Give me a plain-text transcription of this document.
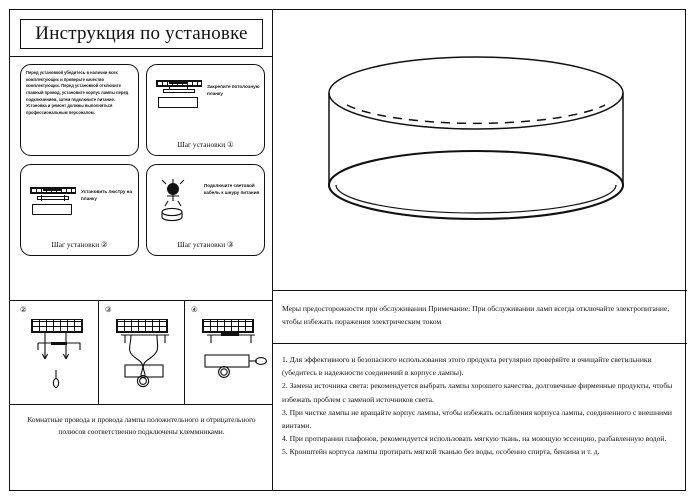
Инструкция по установке
Перед установкой убедитесь в наличии всех комплектующих и проверьте качество комплектующих. Перед установкой отключите главный провод, установите корпус лампы перед подключением, затем подключите питание. Установка и ремонт должны выполняться профессиональным персоналом.
Закрепите потолочную планку
Шаг установки ①
Установить люстру на планку
Шаг установки ②
Подключите световой кабель к шнуру питания
Шаг установки ③
②	③	④
Комнатные провода и провода лампы положительного и отрицательного полюсов соответственно подключены клеммниками.
Меры предосторожности при обслуживании Примечание: При обслуживании ламп всегда отключайте электропитание, чтобы избежать поражения электрическим током

1. Для эффективного и безопасного использования этого продукта регулярно проверяйте и очищайте светильники (убедитесь в надежности соединений в корпусе лампы).

2. Замена источника света: рекомендуется выбрать лампы хорошего качества, долговечные фирменные продукты, чтобы избежать проблем с заменой источников света.

3. При чистке лампы не вращайте корпус лампы, чтобы избежать ослабления корпуса лампы, соединенного с внешними винтами.

4. При протирании плафонов, рекомендуется использовать мягкую ткань, на моющую эссенцию, разбавленную водой.

5. Кронштейн корпуса лампы протирать мягкой тканью без воды, особенно спирта, бензина и т. д.
